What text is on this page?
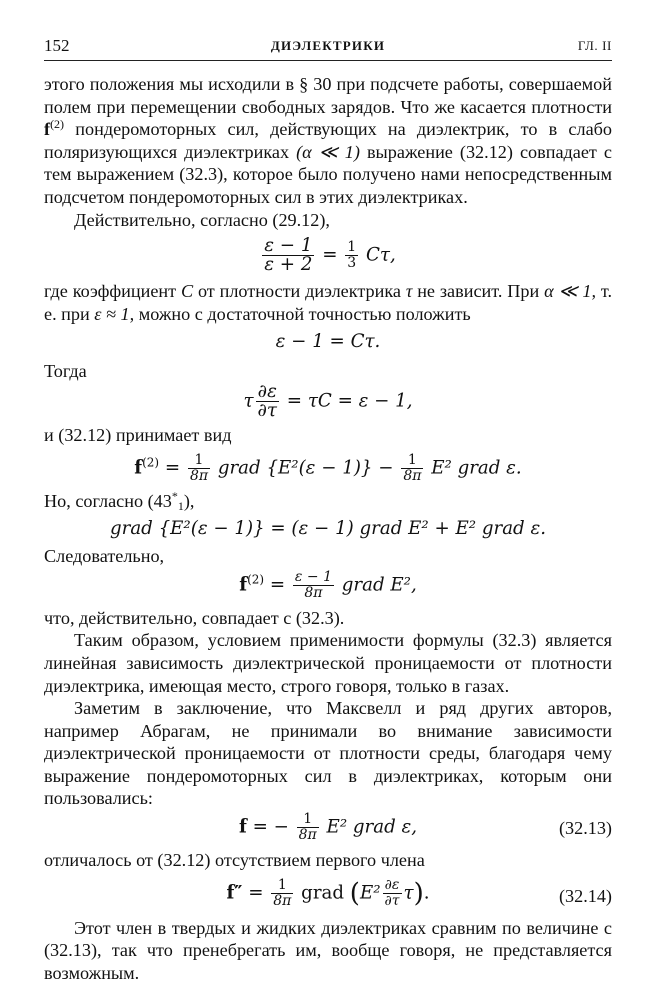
152	ДИЭЛЕКТРИКИ	ГЛ. II

этого положения мы исходили в § 30 при подсчете работы, совершаемой полем при перемещении свободных зарядов. Что же касается плотности $f^{(2)}$ пондеромоторных сил, действующих на диэлектрик, то в слабо поляризующихся диэлектриках (α ≪ 1) выражение (32.12) совпадает с тем выражением (32.3), которое было получено нами непосредственным подсчетом пондеромоторных сил в этих диэлектриках.

Действительно, согласно (29.12),

$\frac{\varepsilon - 1}{\varepsilon + 2} = \frac{1}{3} C\tau$,

где коэффициент C от плотности диэлектрика τ не зависит. При α ≪ 1, т. е. при ε ≈ 1, можно с достаточной точностью положить

ε − 1 = Cτ.

Тогда

τ $\frac{\partial\varepsilon}{\partial\tau} = \tau C = \varepsilon - 1$,

и (32.12) принимает вид

$f^{(2)} = \frac{1}{8\pi}$ grad $\{E^2(\varepsilon - 1)\} - \frac{1}{8\pi} E^2$ grad ε.

Но, согласно $(43^*_1)$,

grad {E²(ε − 1)} = (ε − 1) grad E² + E² grad ε.

Следовательно,

$f^{(2)} = \frac{\varepsilon - 1}{8\pi}$ grad E²,

что, действительно, совпадает с (32.3).

Таким образом, условием применимости формулы (32.3) является линейная зависимость диэлектрической проницаемости от плотности диэлектрика, имеющая место, строго говоря, только в газах.

Заметим в заключение, что Максвелл и ряд других авторов, например Абрагам, не принимали во внимание зависимости диэлектрической проницаемости от плотности среды, благодаря чему выражение пондеромоторных сил в диэлектриках, которым они пользовались:

f = − $\frac{1}{8\pi} E^2$ grad ε,	(32.13)

отличалось от (32.12) отсутствием первого члена

$f'' = \frac{1}{8\pi}$ grad $(E^2 \frac{\partial\varepsilon}{\partial\tau} \tau)$.	(32.14)

Этот член в твердых и жидких диэлектриках сравним по величине с (32.13), так что пренебрегать им, вообще говоря, не представляется возможным.
